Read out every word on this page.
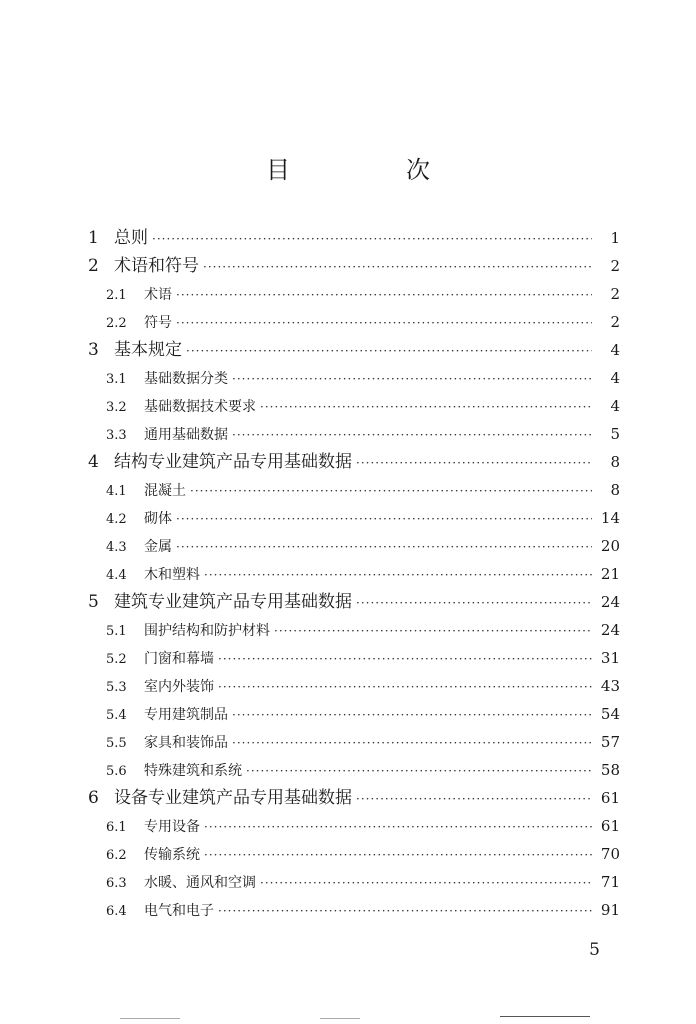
目　次
1 总则 ·····	1
2 术语和符号 ·····	2
2.1	术语 ·····	2
2.2	符号 ·····	2
3 基本规定 ·····	4
3.1	基础数据分类 ·····	4
3.2	基础数据技术要求 ·····	4
3.3	通用基础数据 ·····	5
4 结构专业建筑产品专用基础数据 ·····	8
4.1	混凝土 ·····	8
4.2	砌体 ·····	14
4.3	金属 ·····	20
4.4	木和塑料 ·····	21
5 建筑专业建筑产品专用基础数据 ·····	24
5.1	围护结构和防护材料 ·····	24
5.2	门窗和幕墙 ·····	31
5.3	室内外装饰 ·····	43
5.4	专用建筑制品 ·····	54
5.5	家具和装饰品 ·····	57
5.6	特殊建筑和系统 ·····	58
6 设备专业建筑产品专用基础数据 ·····	61
6.1	专用设备 ·····	61
6.2	传输系统 ·····	70
6.3	水暖、通风和空调 ·····	71
6.4	电气和电子 ·····	91
5
